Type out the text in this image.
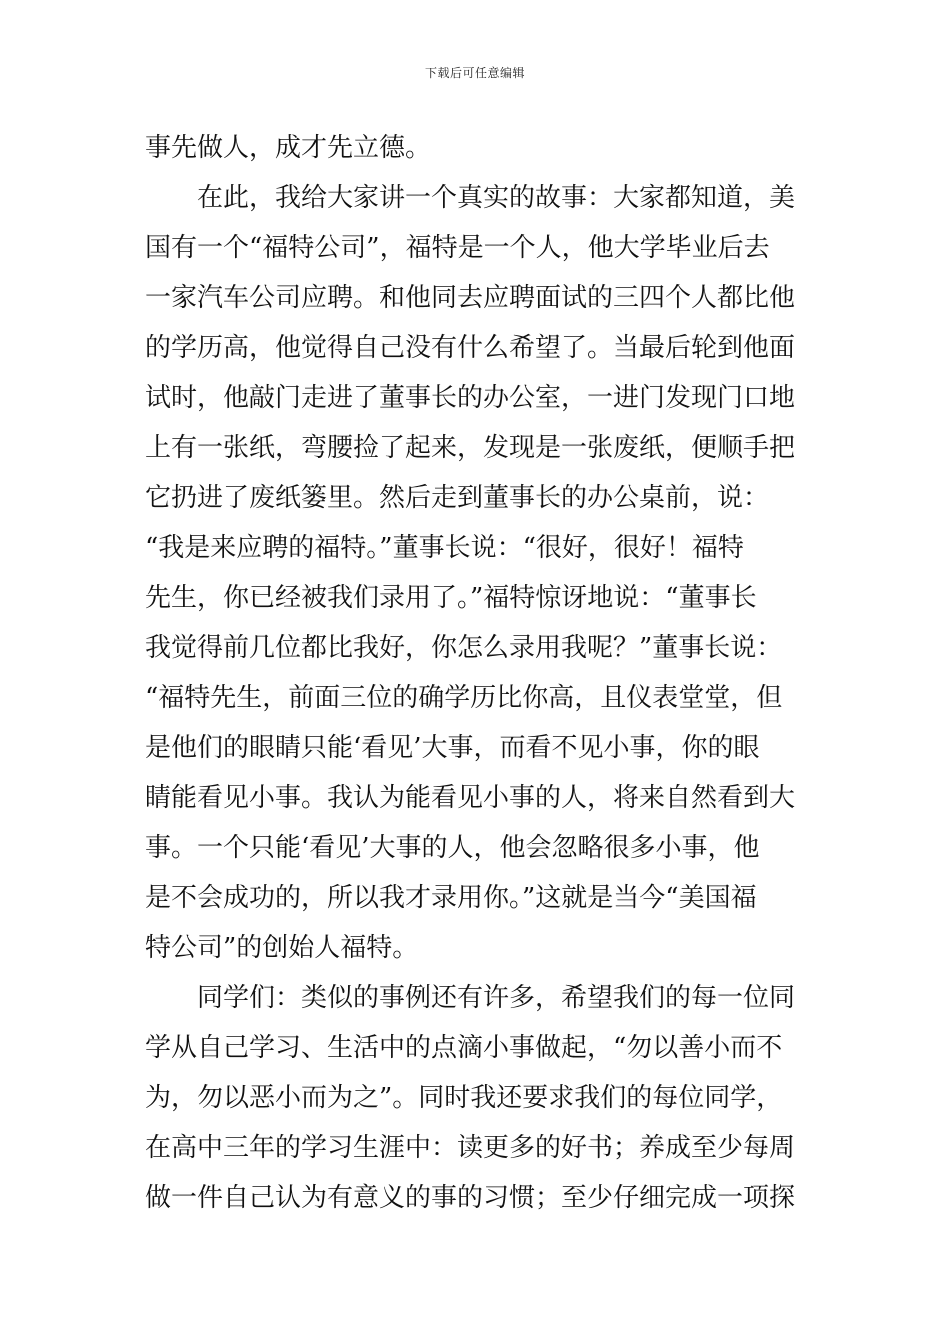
下载后可任意编辑
事先做人，成才先立德。
在此，我给大家讲一个真实的故事：大家都知道，美
国有一个“福特公司”，福特是一个人，他大学毕业后去
一家汽车公司应聘。和他同去应聘面试的三四个人都比他
的学历高，他觉得自己没有什么希望了。当最后轮到他面
试时，他敲门走进了董事长的办公室，一进门发现门口地
上有一张纸，弯腰捡了起来，发现是一张废纸，便顺手把
它扔进了废纸篓里。然后走到董事长的办公桌前，说：
“我是来应聘的福特。”董事长说：“很好，很好！福特
先生，你已经被我们录用了。”福特惊讶地说：“董事长
我觉得前几位都比我好，你怎么录用我呢？”董事长说：
“福特先生，前面三位的确学历比你高，且仪表堂堂，但
是他们的眼睛只能‘看见’大事，而看不见小事，你的眼
睛能看见小事。我认为能看见小事的人，将来自然看到大
事。一个只能‘看见’大事的人，他会忽略很多小事，他
是不会成功的，所以我才录用你。”这就是当今“美国福
特公司”的创始人福特。
同学们：类似的事例还有许多，希望我们的每一位同
学从自己学习、生活中的点滴小事做起，“勿以善小而不
为，勿以恶小而为之”。同时我还要求我们的每位同学，
在高中三年的学习生涯中：读更多的好书；养成至少每周
做一件自己认为有意义的事的习惯；至少仔细完成一项探
